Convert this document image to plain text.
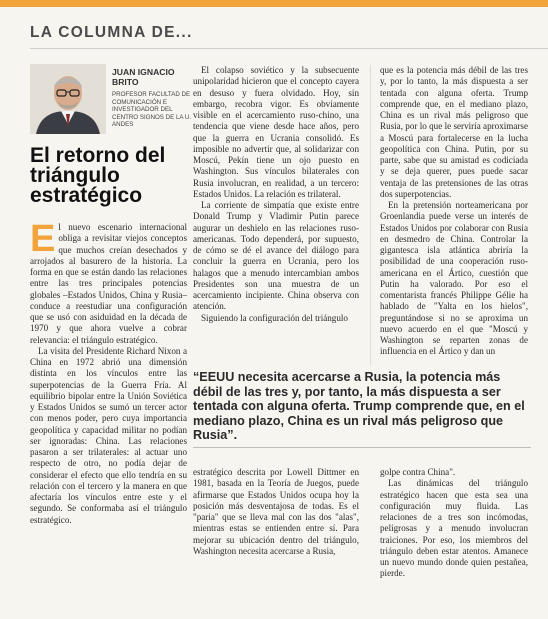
LA COLUMNA DE...
JUAN IGNACIO BRITO
PROFESOR FACULTAD DE COMUNICACIÓN E INVESTIGADOR DEL CENTRO SIGNOS DE LA U. ANDES
El retorno del triángulo estratégico

El nuevo escenario internacional obliga a revisitar viejos conceptos que muchos creían desechados y arrojados al basurero de la historia. La forma en que se están dando las relaciones entre las tres principales potencias globales –Estados Unidos, China y Rusia– conduce a reestudiar una configuración que se usó con asiduidad en la década de 1970 y que ahora vuelve a cobrar relevancia: el triángulo estratégico.

La visita del Presidente Richard Nixon a China en 1972 abrió una dimensión distinta en los vínculos entre las superpotencias de la Guerra Fría. Al equilibrio bipolar entre la Unión Soviética y Estados Unidos se sumó un tercer actor con menos poder, pero cuya importancia geopolítica y capacidad militar no podían ser ignoradas: China. Las relaciones pasaron a ser trilaterales: al actuar uno respecto de otro, no podía dejar de considerar el efecto que ello tendría en su relación con el tercero y la manera en que afectaría los vínculos entre este y el segundo. Se conformaba así el triángulo estratégico.

El colapso soviético y la subsecuente unipolaridad hicieron que el concepto cayera en desuso y fuera olvidado. Hoy, sin embargo, recobra vigor. Es obviamente visible en el acercamiento ruso-chino, una tendencia que viene desde hace años, pero que la guerra en Ucrania consolidó. Es imposible no advertir que, al solidarizar con Moscú, Pekín tiene un ojo puesto en Washington. Sus vínculos bilaterales con Rusia involucran, en realidad, a un tercero: Estados Unidos. La relación es trilateral.

La corriente de simpatía que existe entre Donald Trump y Vladimir Putin parece augurar un deshielo en las relaciones ruso-americanas. Todo dependerá, por supuesto, de cómo se dé el avance del diálogo para concluir la guerra en Ucrania, pero los halagos que a menudo intercambian ambos Presidentes son una muestra de un acercamiento incipiente. China observa con atención.

Siguiendo la configuración del triángulo

que es la potencia más débil de las tres y, por lo tanto, la más dispuesta a ser tentada con alguna oferta. Trump comprende que, en el mediano plazo, China es un rival más peligroso que Rusia, por lo que le serviría aproximarse a Moscú para fortalecerse en la lucha geopolítica con China. Putin, por su parte, sabe que su amistad es codiciada y se deja querer, pues puede sacar ventaja de las pretensiones de las otras dos superpotencias.

En la pretensión norteamericana por Groenlandia puede verse un interés de Estados Unidos por colaborar con Rusia en desmedro de China. Controlar la gigantesca isla atlántica abriría la posibilidad de una cooperación ruso-americana en el Ártico, cuestión que Putin ha valorado. Por eso el comentarista francés Philippe Gélie ha hablado de "Yalta en los hielos", preguntándose si no se aproxima un nuevo acuerdo en el que "Moscú y Washington se reparten zonas de influencia en el Ártico y dan un

“EEUU necesita acercarse a Rusia, la potencia más débil de las tres y, por tanto, la más dispuesta a ser tentada con alguna oferta. Trump comprende que, en el mediano plazo, China es un rival más peligroso que Rusia”.

estratégico descrita por Lowell Dittmer en 1981, basada en la Teoría de Juegos, puede afirmarse que Estados Unidos ocupa hoy la posición más desventajosa de todas. Es el "paria" que se lleva mal con las dos "alas", mientras estas se entienden entre sí. Para mejorar su ubicación dentro del triángulo, Washington necesita acercarse a Rusia,

golpe contra China".

Las dinámicas del triángulo estratégico hacen que esta sea una configuración muy fluida. Las relaciones de a tres son incómodas, peligrosas y a menudo involucran traiciones. Por eso, los miembros del triángulo deben estar atentos. Amanece un nuevo mundo donde quien pestañea, pierde.
